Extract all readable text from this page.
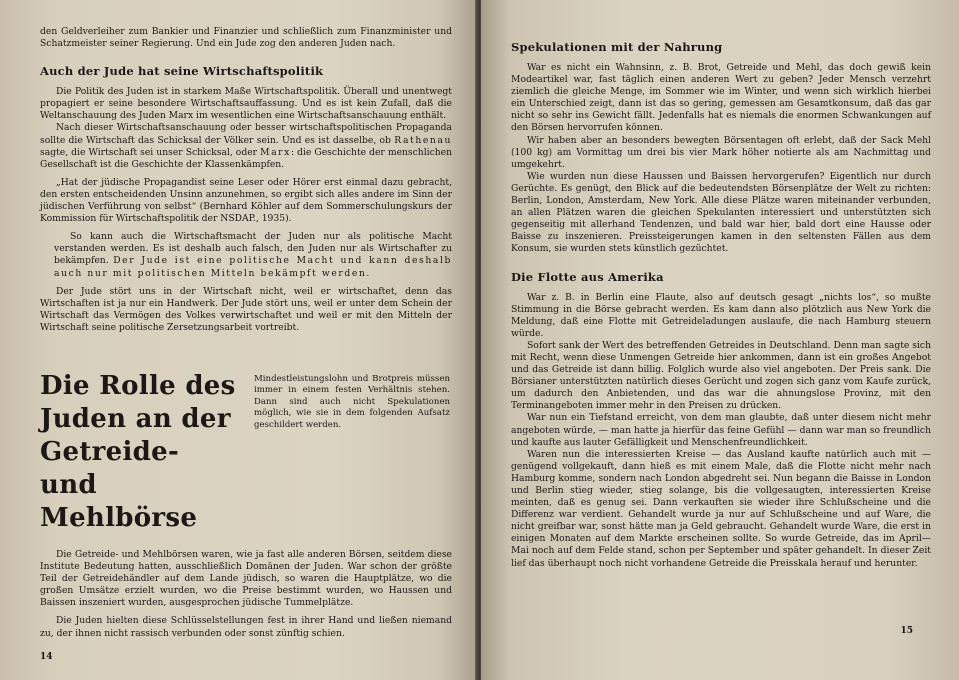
den Geldverleiher zum Bankier und Finanzier und schließlich zum Finanzminister und Schatzmeister seiner Regierung. Und ein Jude zog den anderen Juden nach.

Auch der Jude hat seine Wirtschaftspolitik

Die Politik des Juden ist in starkem Maße Wirtschaftspolitik. Überall und unentwegt propagiert er seine besondere Wirtschaftsauffassung. Und es ist kein Zufall, daß die Weltanschauung des Juden Marx im wesentlichen eine Wirtschaftsanschauung enthält.

Nach dieser Wirtschaftsanschauung oder besser wirtschaftspolitischen Propaganda sollte die Wirtschaft das Schicksal der Völker sein. Und es ist dasselbe, ob Rathenau sagte, die Wirtschaft sei unser Schicksal, oder Marx: die Geschichte der menschlichen Gesellschaft ist die Geschichte der Klassenkämpfen.

„Hat der jüdische Propagandist seine Leser oder Hörer erst einmal dazu gebracht, den ersten entscheidenden Unsinn anzunehmen, so ergibt sich alles andere im Sinn der jüdischen Verführung von selbst“ (Bernhard Köhler auf dem Sommerschulungskurs der Kommission für Wirtschaftspolitik der NSDAP., 1935).

So kann auch die Wirtschaftsmacht der Juden nur als politische Macht verstanden werden. Es ist deshalb auch falsch, den Juden nur als Wirtschafter zu bekämpfen. Der Jude ist eine politische Macht und kann deshalb auch nur mit politischen Mitteln bekämpft werden.

Der Jude stört uns in der Wirtschaft nicht, weil er wirtschaftet, denn das Wirtschaften ist ja nur ein Handwerk. Der Jude stört uns, weil er unter dem Schein der Wirtschaft das Vermögen des Volkes verwirtschaftet und weil er mit den Mitteln der Wirtschaft seine politische Zersetzungsarbeit vortreibt.

Die Rolle des Juden an der Getreide- und Mehlbörse
Mindestleistungslohn und Brotpreis müssen immer in einem festen Verhältnis stehen. Dann sind auch nicht Spekulationen möglich, wie sie in dem folgenden Aufsatz geschildert werden.

Die Getreide- und Mehlbörsen waren, wie ja fast alle anderen Börsen, seitdem diese Institute Bedeutung hatten, ausschließlich Domänen der Juden. War schon der größte Teil der Getreidehändler auf dem Lande jüdisch, so waren die Hauptplätze, wo die großen Umsätze erzielt wurden, wo die Preise bestimmt wurden, wo Haussen und Baissen inszeniert wurden, ausgesprochen jüdische Tummelplätze.

Die Juden hielten diese Schlüsselstellungen fest in ihrer Hand und ließen niemand zu, der ihnen nicht rassisch verbunden oder sonst zünftig schien.

14
Spekulationen mit der Nahrung

War es nicht ein Wahnsinn, z. B. Brot, Getreide und Mehl, das doch gewiß kein Modeartikel war, fast täglich einen anderen Wert zu geben? Jeder Mensch verzehrt ziemlich die gleiche Menge, im Sommer wie im Winter, und wenn sich wirklich hierbei ein Unterschied zeigt, dann ist das so gering, gemessen am Gesamtkonsum, daß das gar nicht so sehr ins Gewicht fällt. Jedenfalls hat es niemals die enormen Schwankungen auf den Börsen hervorrufen können.

Wir haben aber an besonders bewegten Börsentagen oft erlebt, daß der Sack Mehl (100 kg) am Vormittag um drei bis vier Mark höher notierte als am Nachmittag und umgekehrt.

Wie wurden nun diese Haussen und Baissen hervorgerufen? Eigentlich nur durch Gerüchte. Es genügt, den Blick auf die bedeutendsten Börsenplätze der Welt zu richten: Berlin, London, Amsterdam, New York. Alle diese Plätze waren miteinander verbunden, an allen Plätzen waren die gleichen Spekulanten interessiert und unterstützten sich gegenseitig mit allerhand Tendenzen, und bald war hier, bald dort eine Hausse oder Baisse zu inszenieren. Preissteigerungen kamen in den seltensten Fällen aus dem Konsum, sie wurden stets künstlich gezüchtet.

Die Flotte aus Amerika

War z. B. in Berlin eine Flaute, also auf deutsch gesagt „nichts los“, so mußte Stimmung in die Börse gebracht werden. Es kam dann also plötzlich aus New York die Meldung, daß eine Flotte mit Getreideladungen auslaufe, die nach Hamburg steuern würde.

Sofort sank der Wert des betreffenden Getreides in Deutschland. Denn man sagte sich mit Recht, wenn diese Unmengen Getreide hier ankommen, dann ist ein großes Angebot und das Getreide ist dann billig. Folglich wurde also viel angeboten. Der Preis sank. Die Börsianer unterstützten natürlich dieses Gerücht und zogen sich ganz vom Kaufe zurück, um dadurch den Anbietenden, und das war die ahnungslose Provinz, mit den Terminangeboten immer mehr in den Preisen zu drücken.

War nun ein Tiefstand erreicht, von dem man glaubte, daß unter diesem nicht mehr angeboten würde, — man hatte ja hierfür das feine Gefühl — dann war man so freundlich und kaufte aus lauter Gefälligkeit und Menschenfreundlichkeit.

Waren nun die interessierten Kreise — das Ausland kaufte natürlich auch mit — genügend vollgekauft, dann hieß es mit einem Male, daß die Flotte nicht mehr nach Hamburg komme, sondern nach London abgedreht sei. Nun begann die Baisse in London und Berlin stieg wieder, stieg solange, bis die vollgesaugten, interessierten Kreise meinten, daß es genug sei. Dann verkauften sie wieder ihre Schlußscheine und die Differenz war verdient. Gehandelt wurde ja nur auf Schlußscheine und auf Ware, die nicht greifbar war, sonst hätte man ja Geld gebraucht. Gehandelt wurde Ware, die erst in einigen Monaten auf dem Markte erscheinen sollte. So wurde Getreide, das im April—Mai noch auf dem Felde stand, schon per September und später gehandelt. In dieser Zeit lief das überhaupt noch nicht vorhandene Getreide die Preisskala herauf und herunter.

15
